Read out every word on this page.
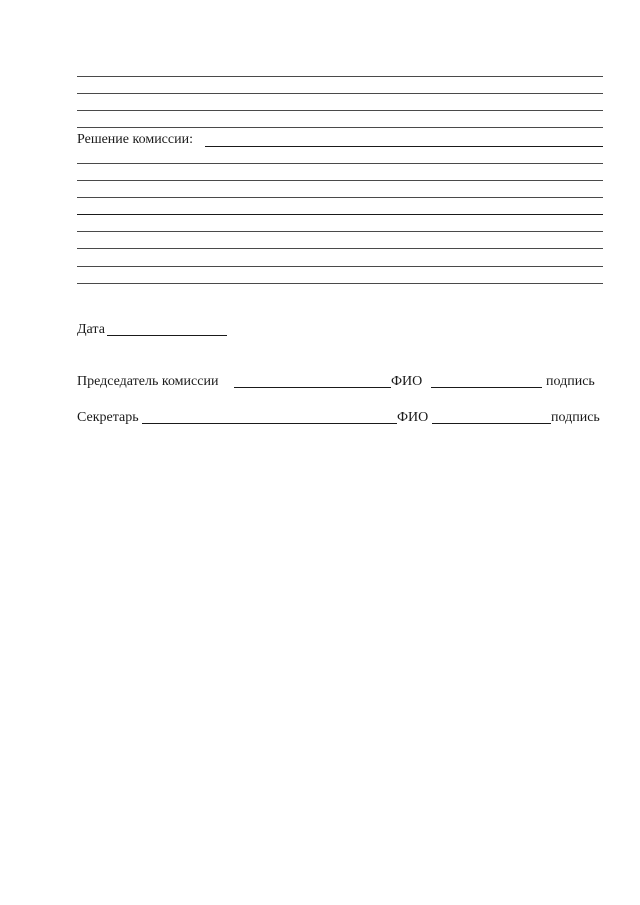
Решение комиссии:
Дата
Председатель комиссии	ФИО	подпись
Секретарь	ФИО	подпись
